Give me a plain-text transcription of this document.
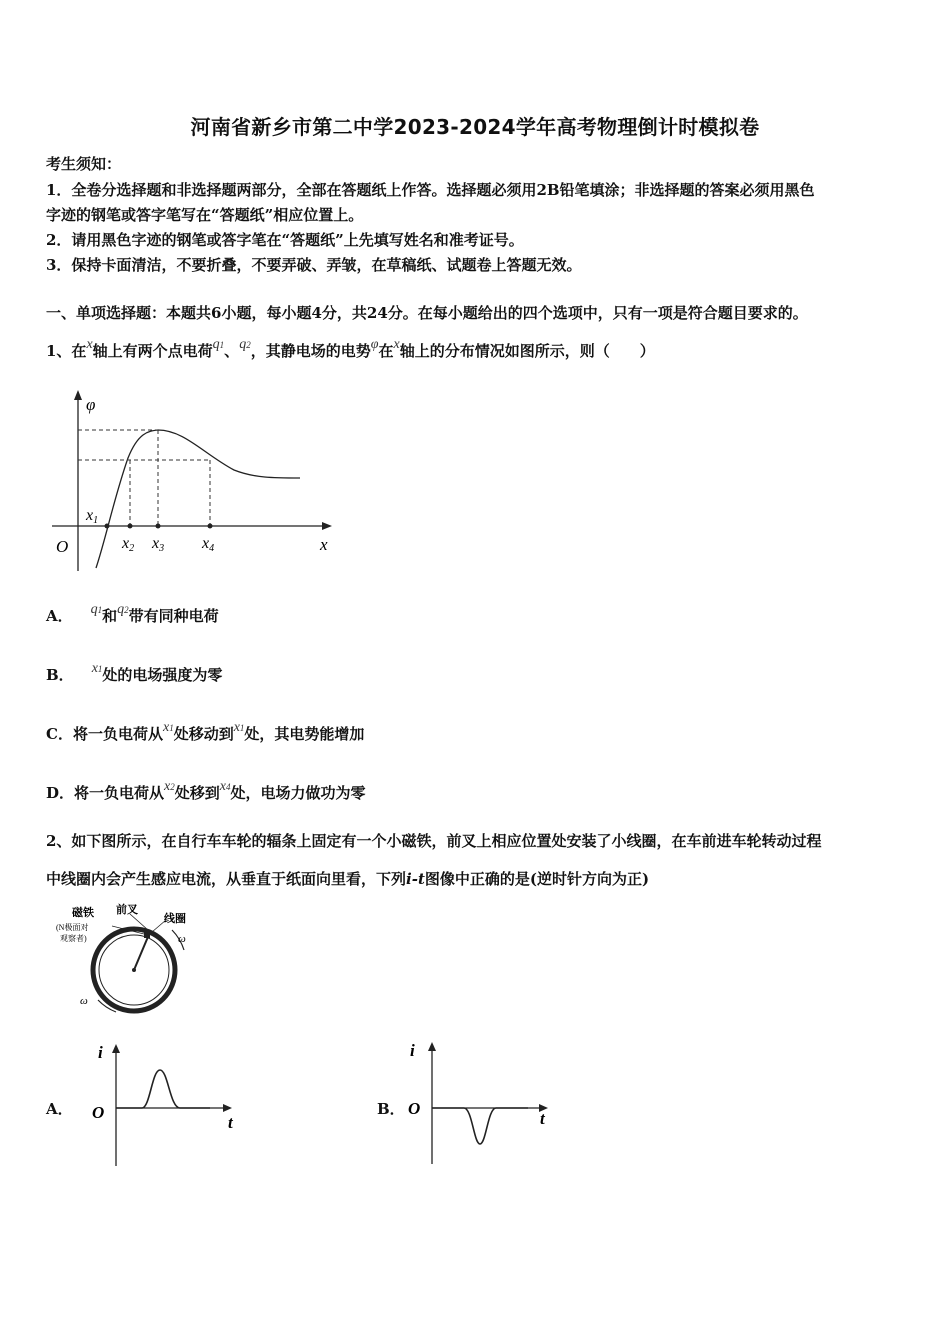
河南省新乡市第二中学2023-2024学年高考物理倒计时模拟卷
考生须知：
1．全卷分选择题和非选择题两部分，全部在答题纸上作答。选择题必须用2B铅笔填涂；非选择题的答案必须用黑色
字迹的钢笔或答字笔写在“答题纸”相应位置上。
2．请用黑色字迹的钢笔或答字笔在“答题纸”上先填写姓名和准考证号。
3．保持卡面清洁，不要折叠，不要弄破、弄皱，在草稿纸、试题卷上答题无效。
一、单项选择题：本题共6小题，每小题4分，共24分。在每小题给出的四个选项中，只有一项是符合题目要求的。
1、在x轴上有两个点电荷q1、q2，其静电场的电势φ在x轴上的分布情况如图所示，则（　　）
φ
O	x
x1
x2 x3 x4
A． q1和q2带有同种电荷
B． x1处的电场强度为零
C．将一负电荷从x1处移动到x1处，其电势能增加
D．将一负电荷从x2处移到x4处，电场力做功为零
2、如下图所示，在自行车车轮的辐条上固定有一个小磁铁，前叉上相应位置处安装了小线圈，在车前进车轮转动过程
中线圈内会产生感应电流，从垂直于纸面向里看，下列i-t图像中正确的是(逆时针方向为正)
磁铁
(N极面对
观察者)
前叉
线圈
ω
ω
A．
i
O
t
B．
i
O
t
